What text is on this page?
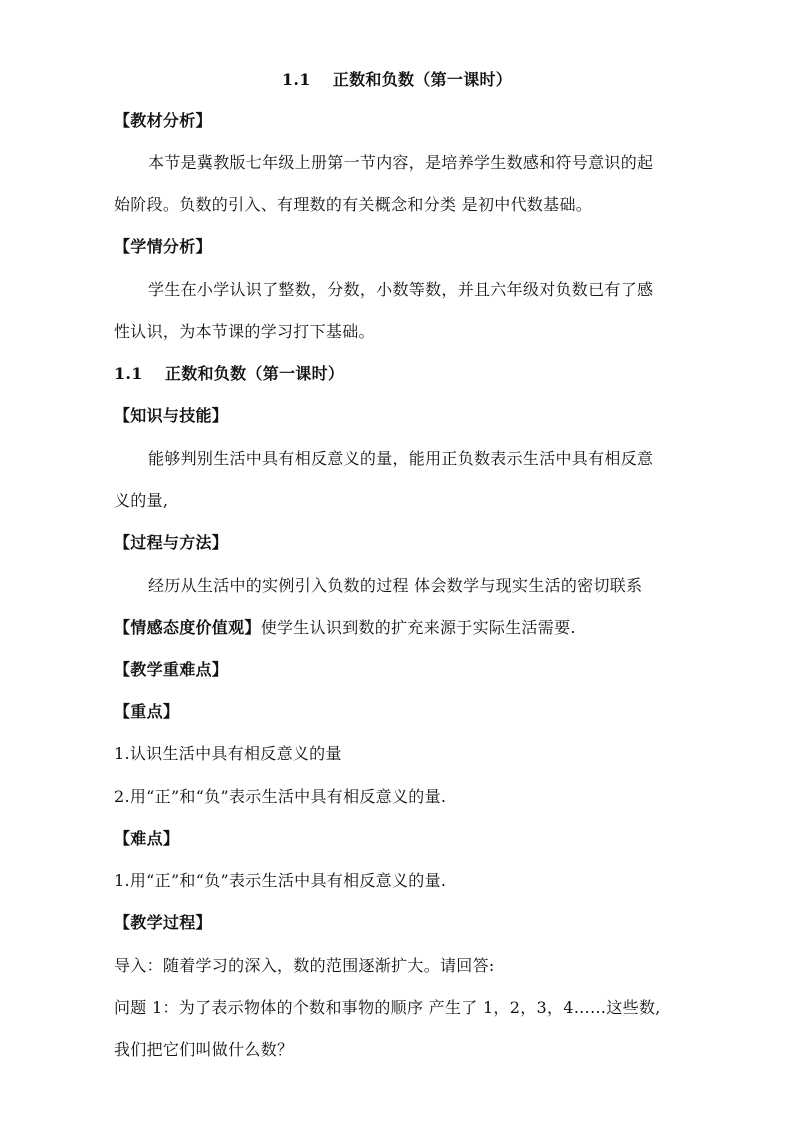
1.1　 正数和负数（第一课时）
【教材分析】
本节是冀教版七年级上册第一节内容，是培养学生数感和符号意识的起
始阶段。负数的引入、有理数的有关概念和分类 是初中代数基础。
【学情分析】
学生在小学认识了整数，分数，小数等数，并且六年级对负数已有了感
性认识，为本节课的学习打下基础。
1.1　 正数和负数（第一课时）
【知识与技能】
能够判别生活中具有相反意义的量，能用正负数表示生活中具有相反意
义的量,
【过程与方法】
经历从生活中的实例引入负数的过程 体会数学与现实生活的密切联系
【情感态度价值观】使学生认识到数的扩充来源于实际生活需要.
【教学重难点】
【重点】
1.认识生活中具有相反意义的量
2.用“正”和“负”表示生活中具有相反意义的量.
【难点】
1.用“正”和“负”表示生活中具有相反意义的量.
【教学过程】
导入：随着学习的深入，数的范围逐渐扩大。请回答:
问题 1：为了表示物体的个数和事物的顺序 产生了 1，2，3，4……这些数,
我们把它们叫做什么数？
